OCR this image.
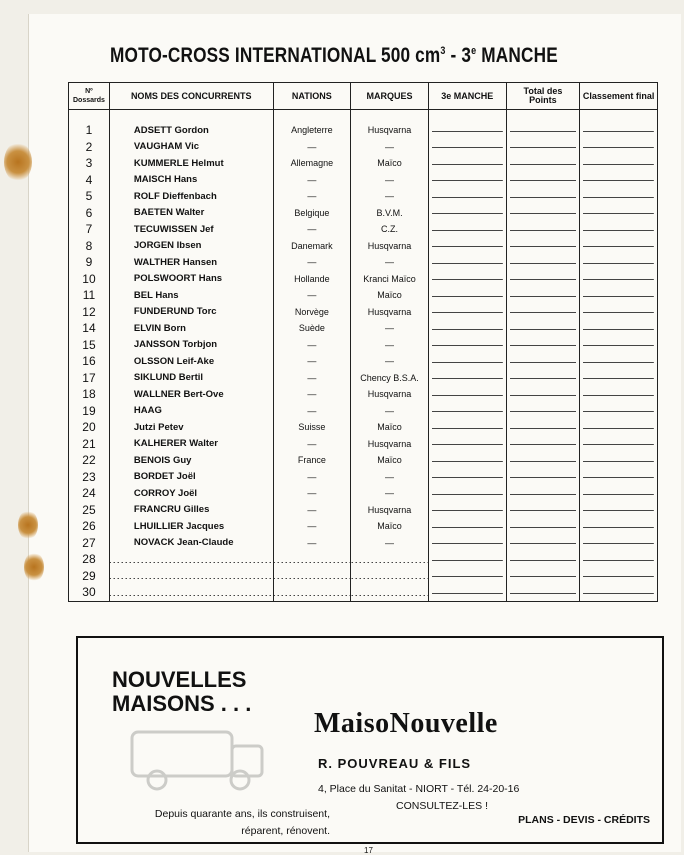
MOTO-CROSS INTERNATIONAL 500 $cm^3 - 3e$ MANCHE
Nº Dossards	NOMS DES CONCURRENTS	NATIONS	MARQUES	3e MANCHE	Total des Points	Classement final

1	ADSETT Gordon	Angleterre	Husqvarna			
2	VAUGHAM Vic	—	—			
3	KUMMERLE Helmut	Allemagne	Maïco			
4	MAISCH Hans	—	—			
5	ROLF Dieffenbach	—	—			
6	BAETEN Walter	Belgique	B.V.M.			
7	TECUWISSEN Jef	—	C.Z.			
8	JORGEN Ibsen	Danemark	Husqvarna			
9	WALTHER Hansen	—	—			
10	POLSWOORT Hans	Hollande	Kranci Maïco			
11	BEL Hans	—	Maïco			
12	FUNDERUND Torc	Norvège	Husqvarna			
14	ELVIN Born	Suède	—			
15	JANSSON Torbjon	—	—			
16	OLSSON Leif-Ake	—	—			
17	SIKLUND Bertil	—	Chency B.S.A.			
18	WALLNER Bert-Ove	—	Husqvarna			
19	HAAG	—	—			
20	Jutzi Petev	Suisse	Maïco			
21	KALHERER Walter	—	Husqvarna			
22	BENOIS Guy	France	Maïco			
23	BORDET Joël	—	—			
24	CORROY Joël	—	—			
25	FRANCRU Gilles	—	Husqvarna			
26	LHUILLIER Jacques	—	Maïco			
27	NOVACK Jean-Claude	—	—			
28						
29						
30						
NOUVELLES
MAISONS . . .
MaisoNouvelle
R. POUVREAU & FILS
4, Place du Sanitat - NIORT - Tél. 24-20-16
CONSULTEZ-LES !
PLANS - DEVIS - CRÉDITS
Depuis quarante ans, ils construisent,
réparent, rénovent.
17
